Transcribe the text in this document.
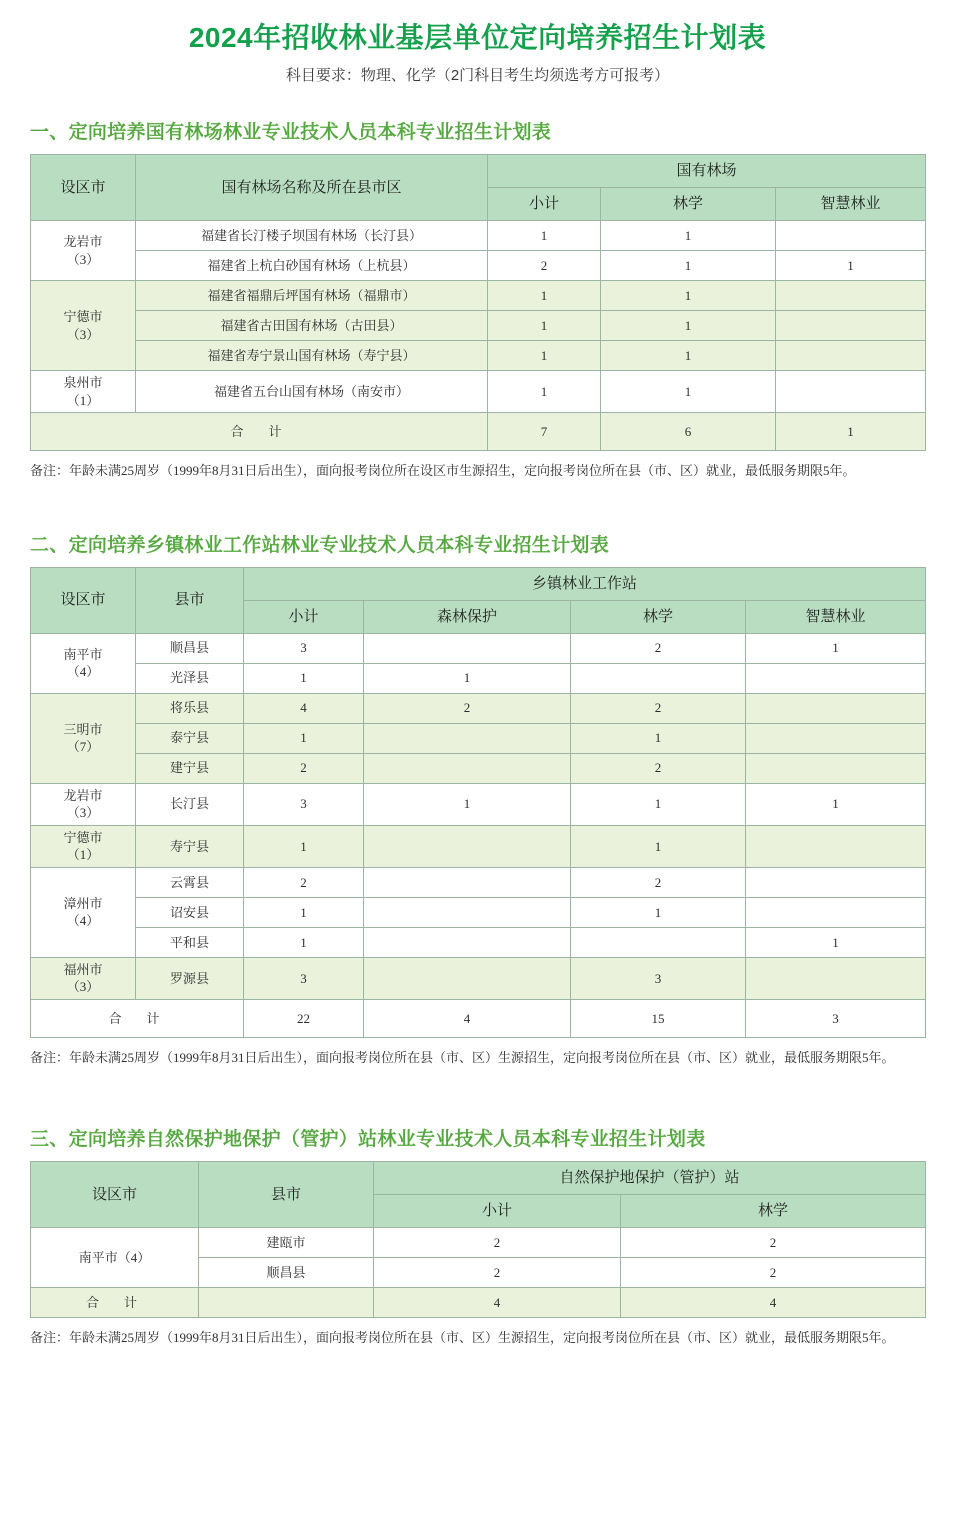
2024年招收林业基层单位定向培养招生计划表
科目要求：物理、化学（2门科目考生均须选考方可报考）
一、定向培养国有林场林业专业技术人员本科专业招生计划表
设区市	国有林场名称及所在县市区	国有林场		
		小计	林学	智慧林业
龙岩市
（3）	福建省长汀楼子坝国有林场（长汀县）	1	1	
	福建省上杭白砂国有林场（上杭县）	2	1	1
宁德市
（3）	福建省福鼎后坪国有林场（福鼎市）	1	1	
	福建省古田国有林场（古田县）	1	1	
	福建省寿宁景山国有林场（寿宁县）	1	1	
泉州市
（1）	福建省五台山国有林场（南安市）	1	1	
合　计		7	6	1

备注：年龄未满25周岁（1999年8月31日后出生），面向报考岗位所在设区市生源招生，定向报考岗位所在县（市、区）就业，最低服务期限5年。

二、定向培养乡镇林业工作站林业专业技术人员本科专业招生计划表
设区市	县市	乡镇林业工作站			
		小计	森林保护	林学	智慧林业
南平市
（4）	顺昌县	3		2	1
	光泽县	1	1		
三明市
（7）	将乐县	4	2	2	
	泰宁县	1		1	
	建宁县	2		2	
龙岩市
（3）	长汀县	3	1	1	1
宁德市
（1）	寿宁县	1		1	
漳州市
（4）	云霄县	2		2	
	诏安县	1		1	
	平和县	1			1
福州市
（3）	罗源县	3		3	
合　计		22	4	15	3

备注：年龄未满25周岁（1999年8月31日后出生），面向报考岗位所在县（市、区）生源招生，定向报考岗位所在县（市、区）就业，最低服务期限5年。

三、定向培养自然保护地保护（管护）站林业专业技术人员本科专业招生计划表
设区市	县市	自然保护地保护（管护）站	
		小计	林学
南平市（4）	建瓯市	2	2
	顺昌县	2	2
合　计		4	4

备注：年龄未满25周岁（1999年8月31日后出生），面向报考岗位所在县（市、区）生源招生，定向报考岗位所在县（市、区）就业，最低服务期限5年。
